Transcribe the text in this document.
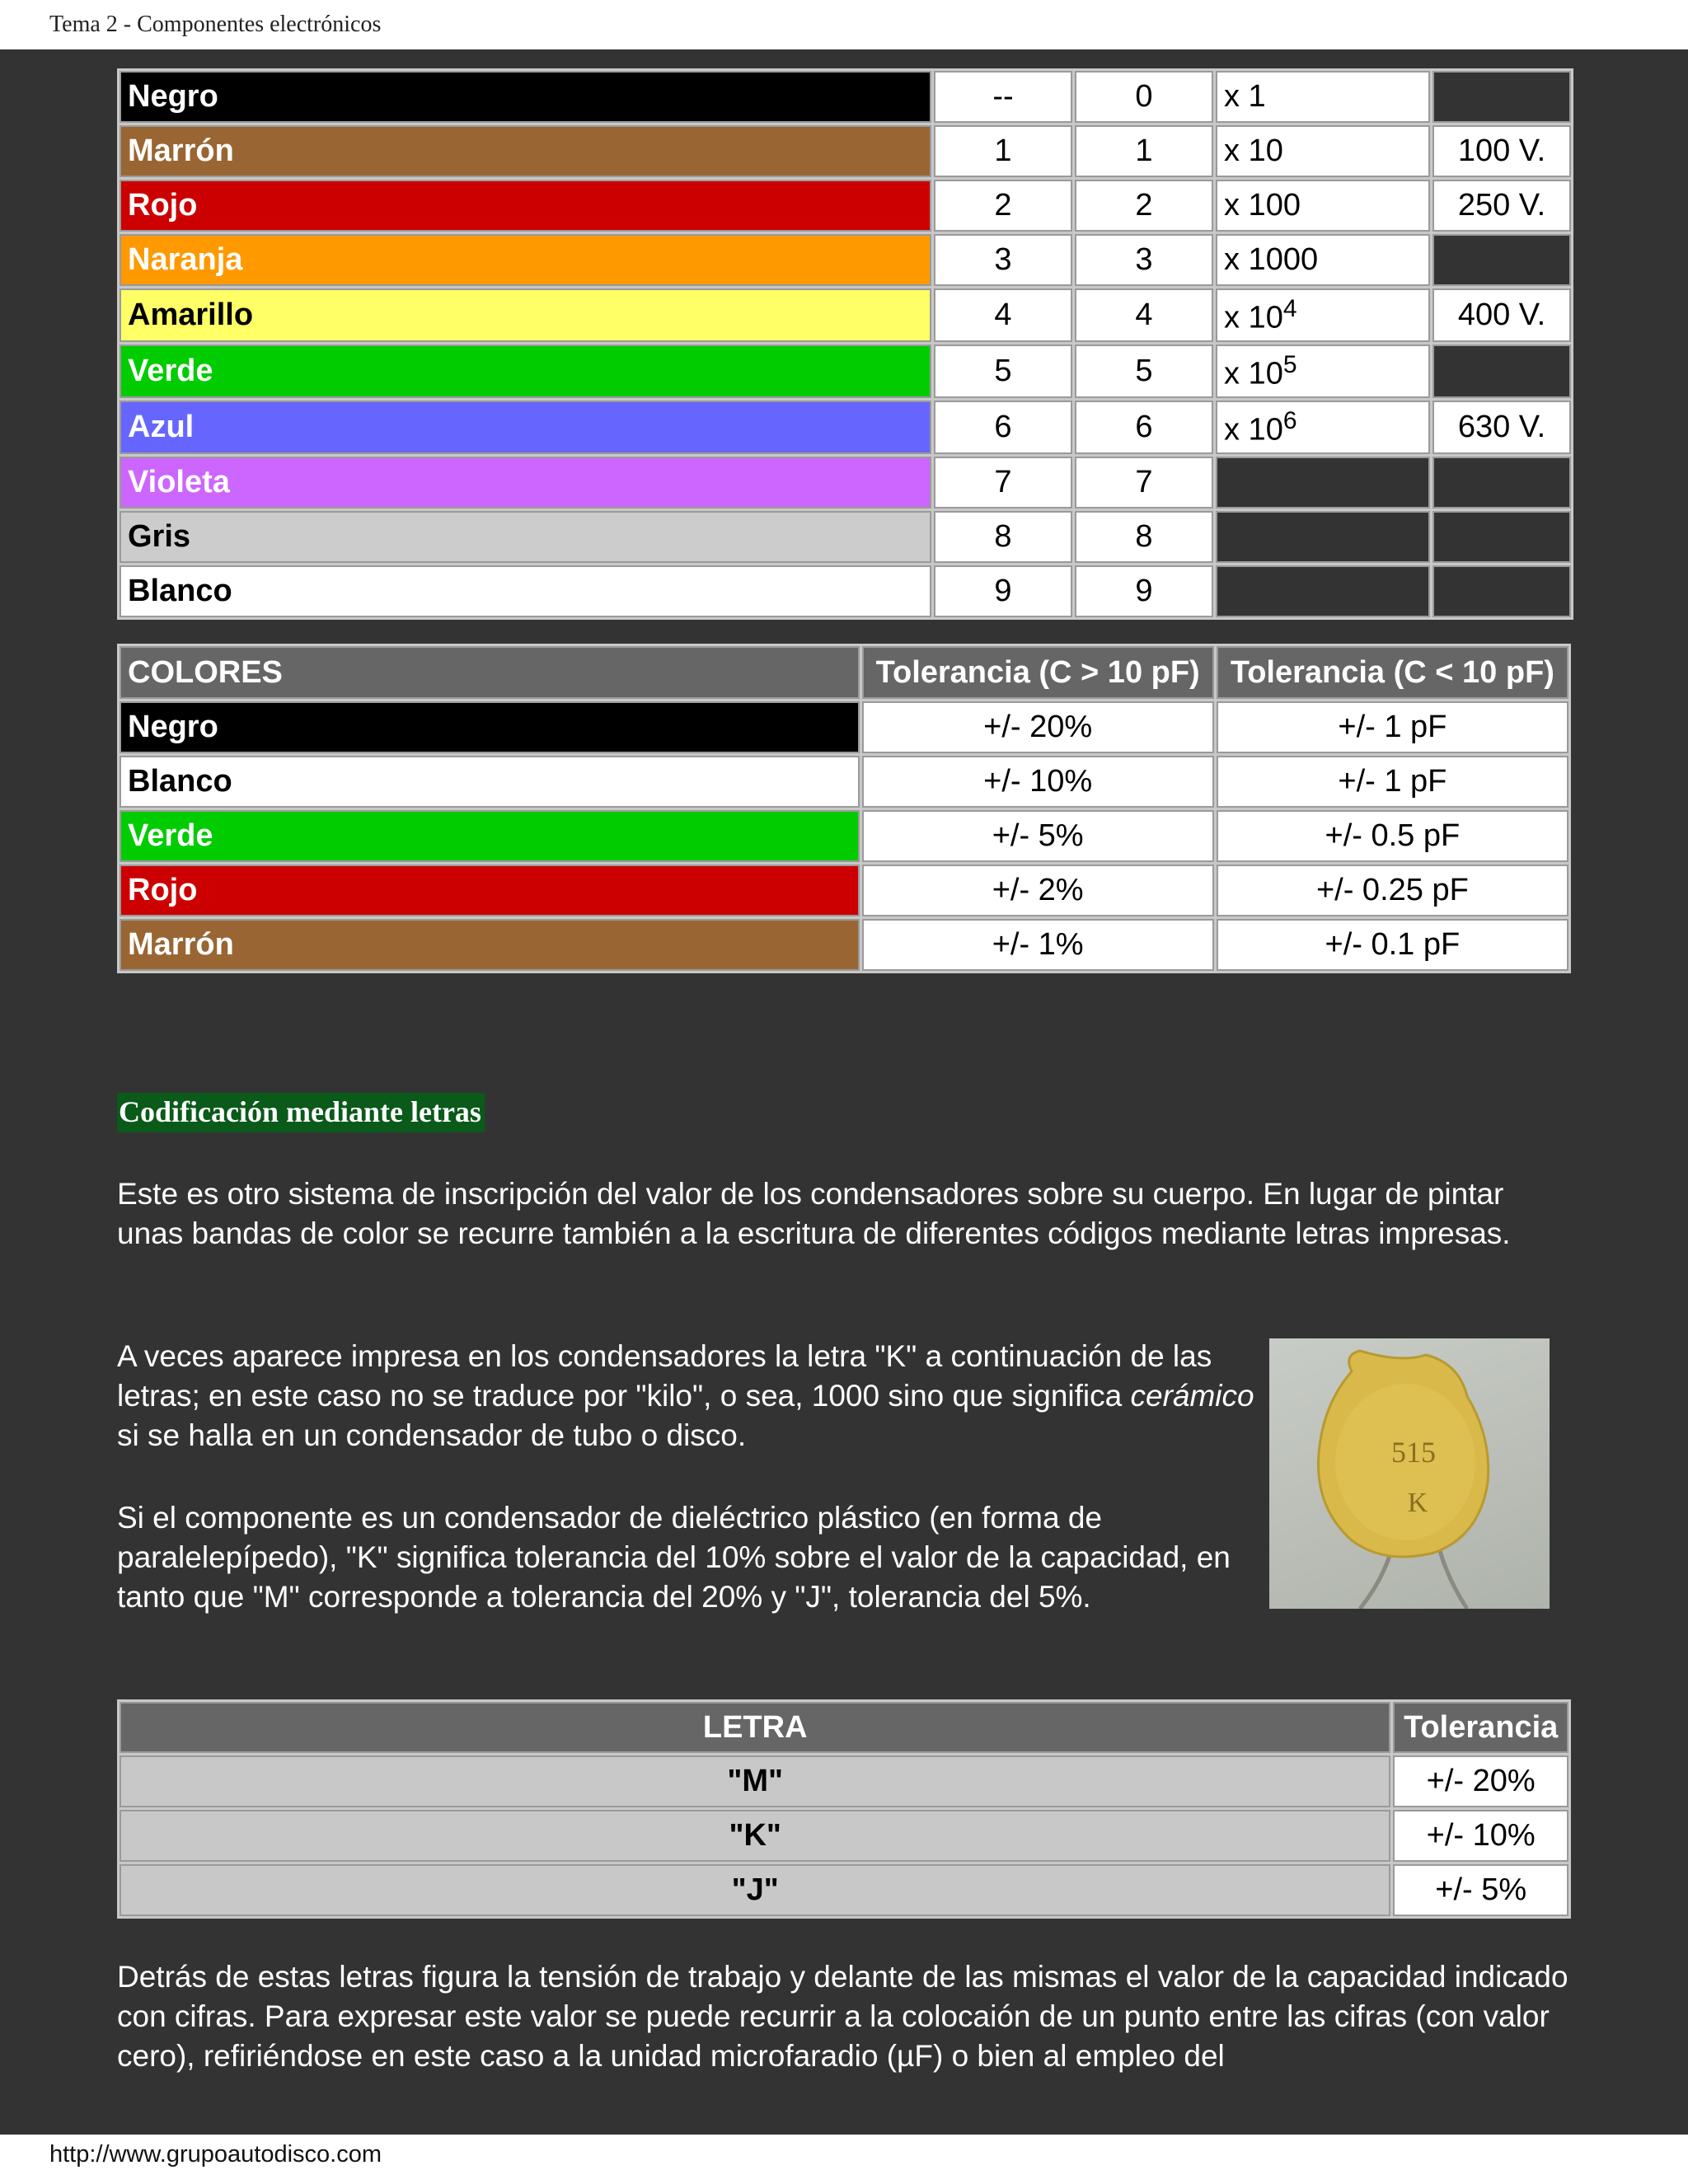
Tema 2 - Componentes electrónicos
Negro	--	0	x 1	
Marrón	1	1	x 10	100 V.
Rojo	2	2	x 100	250 V.
Naranja	3	3	x 1000	
Amarillo	4	4	x $10^4$	400 V.
Verde	5	5	x $10^5$	
Azul	6	6	x $10^6$	630 V.
Violeta	7	7		
Gris	8	8		
Blanco	9	9		
COLORES	Tolerancia (C > 10 pF)	Tolerancia (C < 10 pF)
Negro	+/- 20%	+/- 1 pF
Blanco	+/- 10%	+/- 1 pF
Verde	+/- 5%	+/- 0.5 pF
Rojo	+/- 2%	+/- 0.25 pF
Marrón	+/- 1%	+/- 0.1 pF
Codificación mediante letras

Este es otro sistema de inscripción del valor de los condensadores sobre su cuerpo. En lugar de pintar unas bandas de color se recurre también a la escritura de diferentes códigos mediante letras impresas.

A veces aparece impresa en los condensadores la letra "K" a continuación de las letras; en este caso no se traduce por "kilo", o sea, 1000 sino que significa cerámico si se halla en un condensador de tubo o disco.

Si el componente es un condensador de dieléctrico plástico (en forma de paralelepípedo), "K" significa tolerancia del 10% sobre el valor de la capacidad, en tanto que "M" corresponde a tolerancia del 20% y "J", tolerancia del 5%.

515
K
LETRA	Tolerancia
"M"	+/- 20%
"K"	+/- 10%
"J"	+/- 5%

Detrás de estas letras figura la tensión de trabajo y delante de las mismas el valor de la capacidad indicado con cifras. Para expresar este valor se puede recurrir a la colocaión de un punto entre las cifras (con valor cero), refiriéndose en este caso a la unidad microfaradio (µF) o bien al empleo del

http://www.grupoautodisco.com
